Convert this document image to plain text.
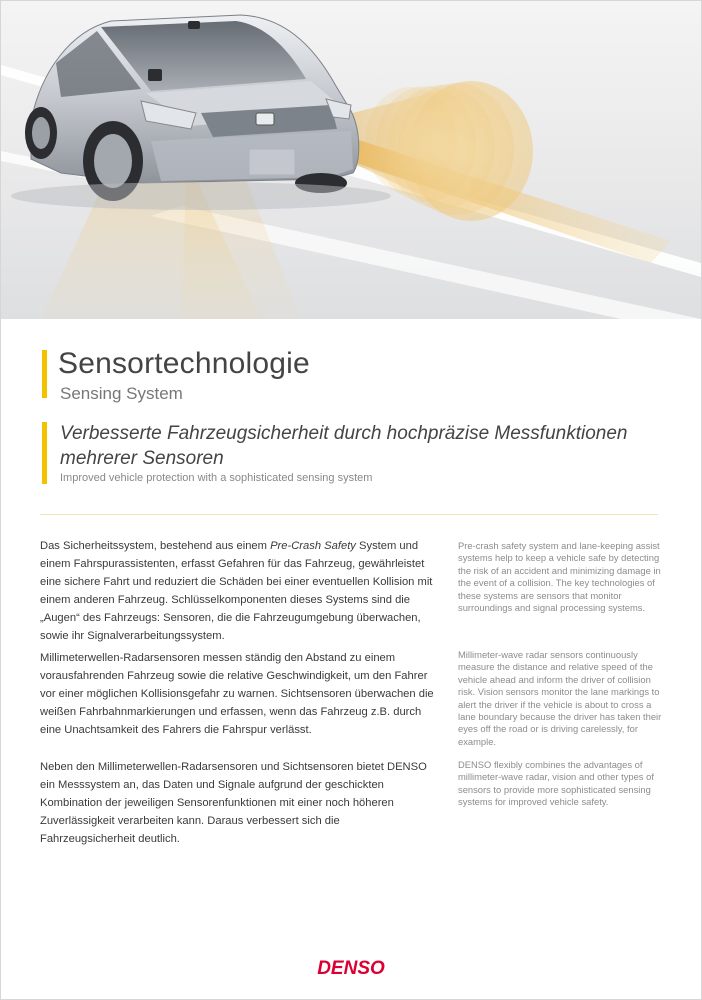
Sensortechnologie
Sensing System
Verbesserte Fahrzeugsicherheit durch hochpräzise Messfunktionen mehrerer Sensoren
Improved vehicle protection with a sophisticated sensing system
Das Sicherheitssystem, bestehend aus einem Pre-Crash Safety System und einem Fahrspurassistenten, erfasst Gefahren für das Fahrzeug, gewährleistet eine sichere Fahrt und reduziert die Schäden bei einer eventuellen Kollision mit einem anderen Fahrzeug. Schlüsselkomponenten dieses Systems sind die „Augen“ des Fahrzeugs: Sensoren, die die Fahrzeugumgebung überwachen, sowie ihr Signalverarbeitungssystem.
Millimeterwellen-Radarsensoren messen ständig den Abstand zu einem vorausfahrenden Fahrzeug sowie die relative Geschwindigkeit, um den Fahrer vor einer möglichen Kollisionsgefahr zu warnen. Sichtsensoren überwachen die weißen Fahrbahnmarkierungen und erfassen, wenn das Fahrzeug z.B. durch eine Unachtsamkeit des Fahrers die Fahrspur verlässt.
Neben den Millimeterwellen-Radarsensoren und Sichtsensoren bietet DENSO ein Messsystem an, das Daten und Signale aufgrund der geschickten Kombination der jeweiligen Sensorenfunktionen mit einer noch höheren Zuverlässigkeit verarbeiten kann. Daraus verbessert sich die Fahrzeugsicherheit deutlich.
Pre-crash safety system and lane-keeping assist systems help to keep a vehicle safe by detecting the risk of an accident and minimizing damage in the event of a collision. The key technologies of these systems are sensors that monitor surroundings and signal processing systems.
Millimeter-wave radar sensors continuously measure the distance and relative speed of the vehicle ahead and inform the driver of collision risk. Vision sensors monitor the lane markings to alert the driver if the vehicle is about to cross a lane boundary because the driver has taken their eyes off the road or is driving carelessly, for example.
DENSO flexibly combines the advantages of millimeter-wave radar, vision and other types of sensors to provide more sophisticated sensing systems for improved vehicle safety.
DENSO
